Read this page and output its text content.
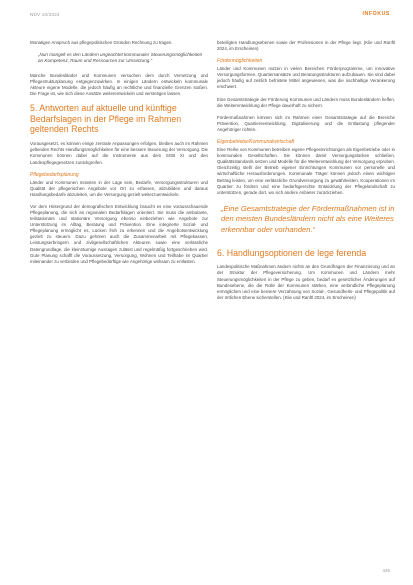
NDV 10/2024	INFOKUS

Monatigen Anspruch aus pflegepolitischen Gründen Rechnung zu tragen.

„Nun mangelt es den Ländern ungeachtet kommunaler Steuerungsmöglichkeiten an Kompetenz, Raum und Ressourcen zur Umsetzung.“

Manche Bundesländer und Kommunen versuchen dem durch Vernetzung und Pflegestrukturplanung entgegenzuwirken. In einigen Ländern entwickeln kommunale Akteure eigene Modelle, die jedoch häufig an rechtliche und finanzielle Grenzen stoßen. Die Frage ist, wie sich diese Ansätze weiterentwickeln und verstetigen lassen.

5. Antworten auf aktuelle und künftige Bedarfslagen in der Pflege im Rahmen geltenden Rechts

Vorausgesetzt, es können einige zentrale Anpassungen erfolgen, bleiben auch im Rahmen geltenden Rechts Handlungsmöglichkeiten für eine bessere Steuerung der Versorgung. Die Kommunen können dabei auf die Instrumente aus dem SGB XI und den Landespflegegesetzen zurückgreifen.

Pflegebedarfsplanung

Länder und Kommunen müssten in der Lage sein, Bedarfe, Versorgungsstrukturen und Qualität der pflegerischen Angebote vor Ort zu erfassen, abzubilden und daraus Handlungsbedarfe abzuleiten, um die Versorgung gezielt weiterzuentwickeln.

Vor dem Hintergrund der demografischen Entwicklung braucht es eine vorausschauende Pflegeplanung, die sich an regionalen Bedarfslagen orientiert. Sie muss die ambulante, teilstationäre und stationäre Versorgung ebenso einbeziehen wie Angebote zur Unterstützung im Alltag, Beratung und Prävention. Eine integrierte Sozial- und Pflegeplanung ermöglicht es, Lücken früh zu erkennen und die Angebotsentwicklung gezielt zu steuern. Dazu gehören auch die Zusammenarbeit mit Pflegekassen, Leistungserbringern und zivilgesellschaftlichen Akteuren sowie eine verlässliche Datengrundlage, die kleinräumige Aussagen zulässt und regelmäßig fortgeschrieben wird. Gute Planung schafft die Voraussetzung, Versorgung, Wohnen und Teilhabe im Quartier miteinander zu verbinden und Pflegebedürftige wie Angehörige wirksam zu entlasten.

beteiligten Handlungsebenen sowie der Professionen in der Pflege liegt. (Klie und Ranftl 2024, im Erscheinen)

Fördermöglichkeiten

Länder und Kommunen nutzen in vielen Bereichen Förderprogramme, um innovative Versorgungsformen, Quartiersansätze und Beratungsstrukturen aufzubauen. Sie sind dabei jedoch häufig auf zeitlich befristete Mittel angewiesen, was die nachhaltige Verankerung erschwert.

Eine Gesamtstrategie der Förderung Kommunen und Ländern muss Bundesländern helfen, die Weiterentwicklung der Pflege dauerhaft zu sichern.

Fördermaßnahmen können sich im Rahmen einer Gesamtstrategie auf die Bereiche Prävention, Quartiersentwicklung, Digitalisierung und die Entlastung pflegender Angehöriger richten.

Eigenbetriebe/Kommunalwirtschaft

Eine Reihe von Kommunen betreiben eigene Pflegeeinrichtungen als Eigenbetriebe oder in kommunalen Gesellschaften. Sie können damit Versorgungslücken schließen, Qualitätsstandards setzen und Modelle für die Weiterentwicklung der Versorgung erproben. Gleichzeitig stellt der Betrieb eigener Einrichtungen Kommunen vor personelle und wirtschaftliche Herausforderungen. Kommunale Träger können jedoch einen wichtigen Beitrag leisten, um eine verlässliche Grundversorgung zu gewährleisten, Kooperationen im Quartier zu fördern und eine bedarfsgerechte Entwicklung der Pflegelandschaft zu unterstützen, gerade dort, wo sich andere Anbieter zurückziehen.

„Eine Gesamtstrategie der Fördermaßnahmen ist in den meisten Bundesländern nicht als eine Weiteres erkennbar oder vorhanden.“

6. Handlungsoptionen de lege ferenda

Landespolitische Maßnahmen ändern nichts an den Grundfragen der Finanzierung und an der Struktur der Pflegeversicherung. Um Kommunen und Ländern mehr Steuerungsmöglichkeiten in der Pflege zu geben, bedarf es gesetzlicher Änderungen auf Bundesebene, die die Rolle der Kommunen stärken, eine verbindliche Pflegeplanung ermöglichen und eine bessere Verzahnung von Sozial-, Gesundheits- und Pflegepolitik auf der örtlichen Ebene sicherstellen. (Klie und Ranftl 2024, im Erscheinen)

445
